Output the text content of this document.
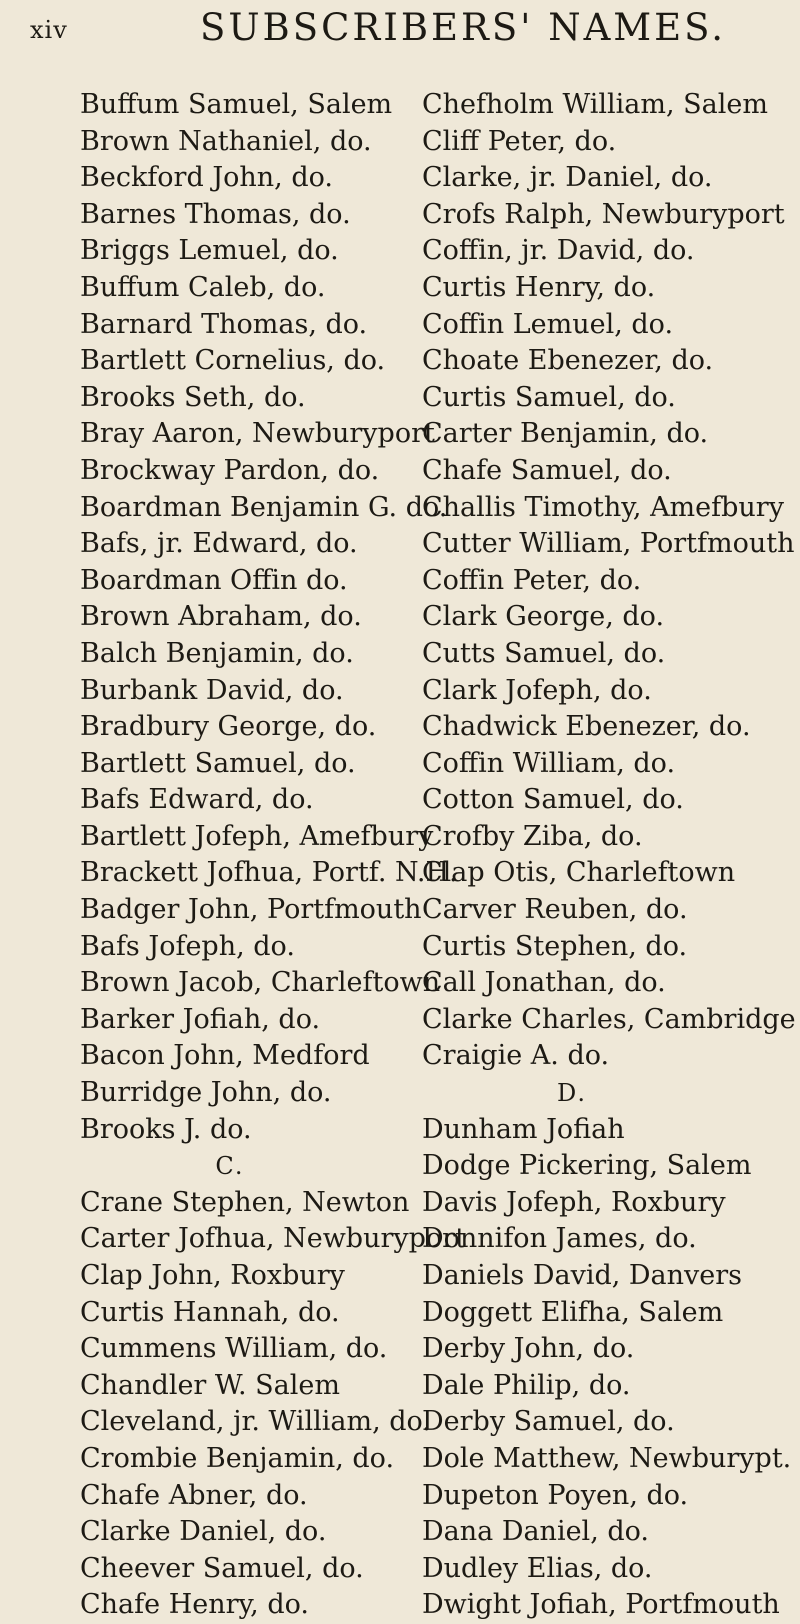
xiv	SUBSCRIBERS' NAMES.
Buffum Samuel, Salem
Brown Nathaniel, do.
Beckford John, do.
Barnes Thomas, do.
Briggs Lemuel, do.
Buffum Caleb, do.
Barnard Thomas, do.
Bartlett Cornelius, do.
Brooks Seth, do.
Bray Aaron, Newburyport
Brockway Pardon, do.
Boardman Benjamin G. do.
Bafs, jr. Edward, do.
Boardman Offin do.
Brown Abraham, do.
Balch Benjamin, do.
Burbank David, do.
Bradbury George, do.
Bartlett Samuel, do.
Bafs Edward, do.
Bartlett Jofeph, Amefbury
Brackett Jofhua, Portf. N.H.
Badger John, Portfmouth
Bafs Jofeph, do.
Brown Jacob, Charleftown
Barker Jofiah, do.
Bacon John, Medford
Burridge John, do.
Brooks J. do.
C.
Crane Stephen, Newton
Carter Jofhua, Newburyport
Clap John, Roxbury
Curtis Hannah, do.
Cummens William, do.
Chandler W. Salem
Cleveland, jr. William, do.
Crombie Benjamin, do.
Chafe Abner, do.
Clarke Daniel, do.
Cheever Samuel, do.
Chafe Henry, do.
Chefholm William, Salem
Cliff Peter, do.
Clarke, jr. Daniel, do.
Crofs Ralph, Newburyport
Coffin, jr. David, do.
Curtis Henry, do.
Coffin Lemuel, do.
Choate Ebenezer, do.
Curtis Samuel, do.
Carter Benjamin, do.
Chafe Samuel, do.
Challis Timothy, Amefbury
Cutter William, Portfmouth
Coffin Peter, do.
Clark George, do.
Cutts Samuel, do.
Clark Jofeph, do.
Chadwick Ebenezer, do.
Coffin William, do.
Cotton Samuel, do.
Crofby Ziba, do.
Clap Otis, Charleftown
Carver Reuben, do.
Curtis Stephen, do.
Call Jonathan, do.
Clarke Charles, Cambridge
Craigie A. do.
D.
Dunham Jofiah
Dodge Pickering, Salem
Davis Jofeph, Roxbury
Donnifon James, do.
Daniels David, Danvers
Doggett Elifha, Salem
Derby John, do.
Dale Philip, do.
Derby Samuel, do.
Dole Matthew, Newburypt.
Dupeton Poyen, do.
Dana Daniel, do.
Dudley Elias, do.
Dwight Jofiah, Portfmouth
